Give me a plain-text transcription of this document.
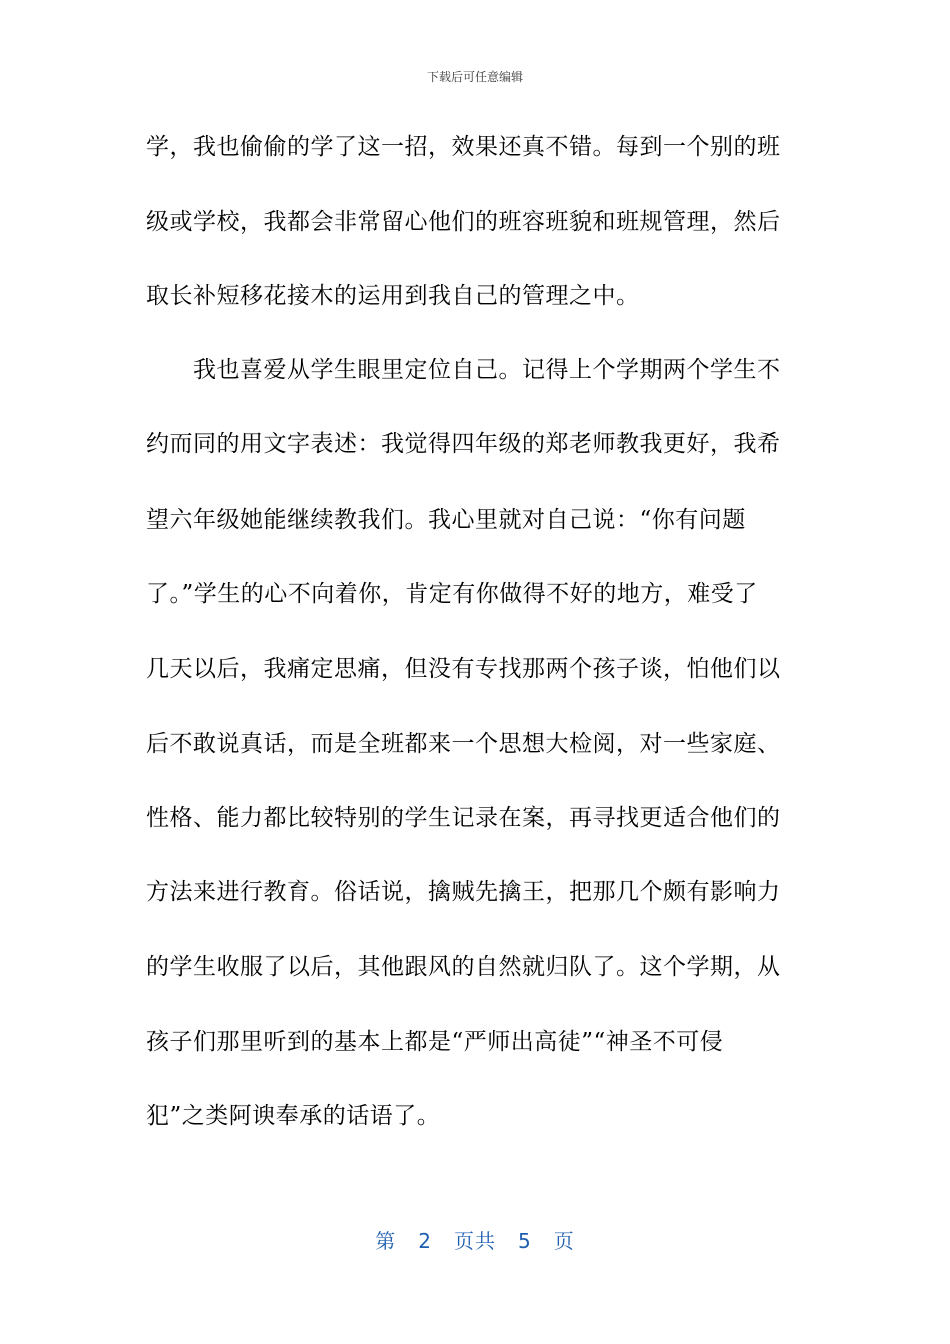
下载后可任意编辑
学，我也偷偷的学了这一招，效果还真不错。每到一个别的班
级或学校，我都会非常留心他们的班容班貌和班规管理，然后
取长补短移花接木的运用到我自己的管理之中。
　　我也喜爱从学生眼里定位自己。记得上个学期两个学生不
约而同的用文字表述：我觉得四年级的郑老师教我更好，我希
望六年级她能继续教我们。我心里就对自己说：“你有问题
了。”学生的心不向着你，肯定有你做得不好的地方，难受了
几天以后，我痛定思痛，但没有专找那两个孩子谈，怕他们以
后不敢说真话，而是全班都来一个思想大检阅，对一些家庭、
性格、能力都比较特别的学生记录在案，再寻找更适合他们的
方法来进行教育。俗话说，擒贼先擒王，把那几个颇有影响力
的学生收服了以后，其他跟风的自然就归队了。这个学期，从
孩子们那里听到的基本上都是“严师出高徒”“神圣不可侵
犯”之类阿谀奉承的话语了。
第 2 页共 5 页
